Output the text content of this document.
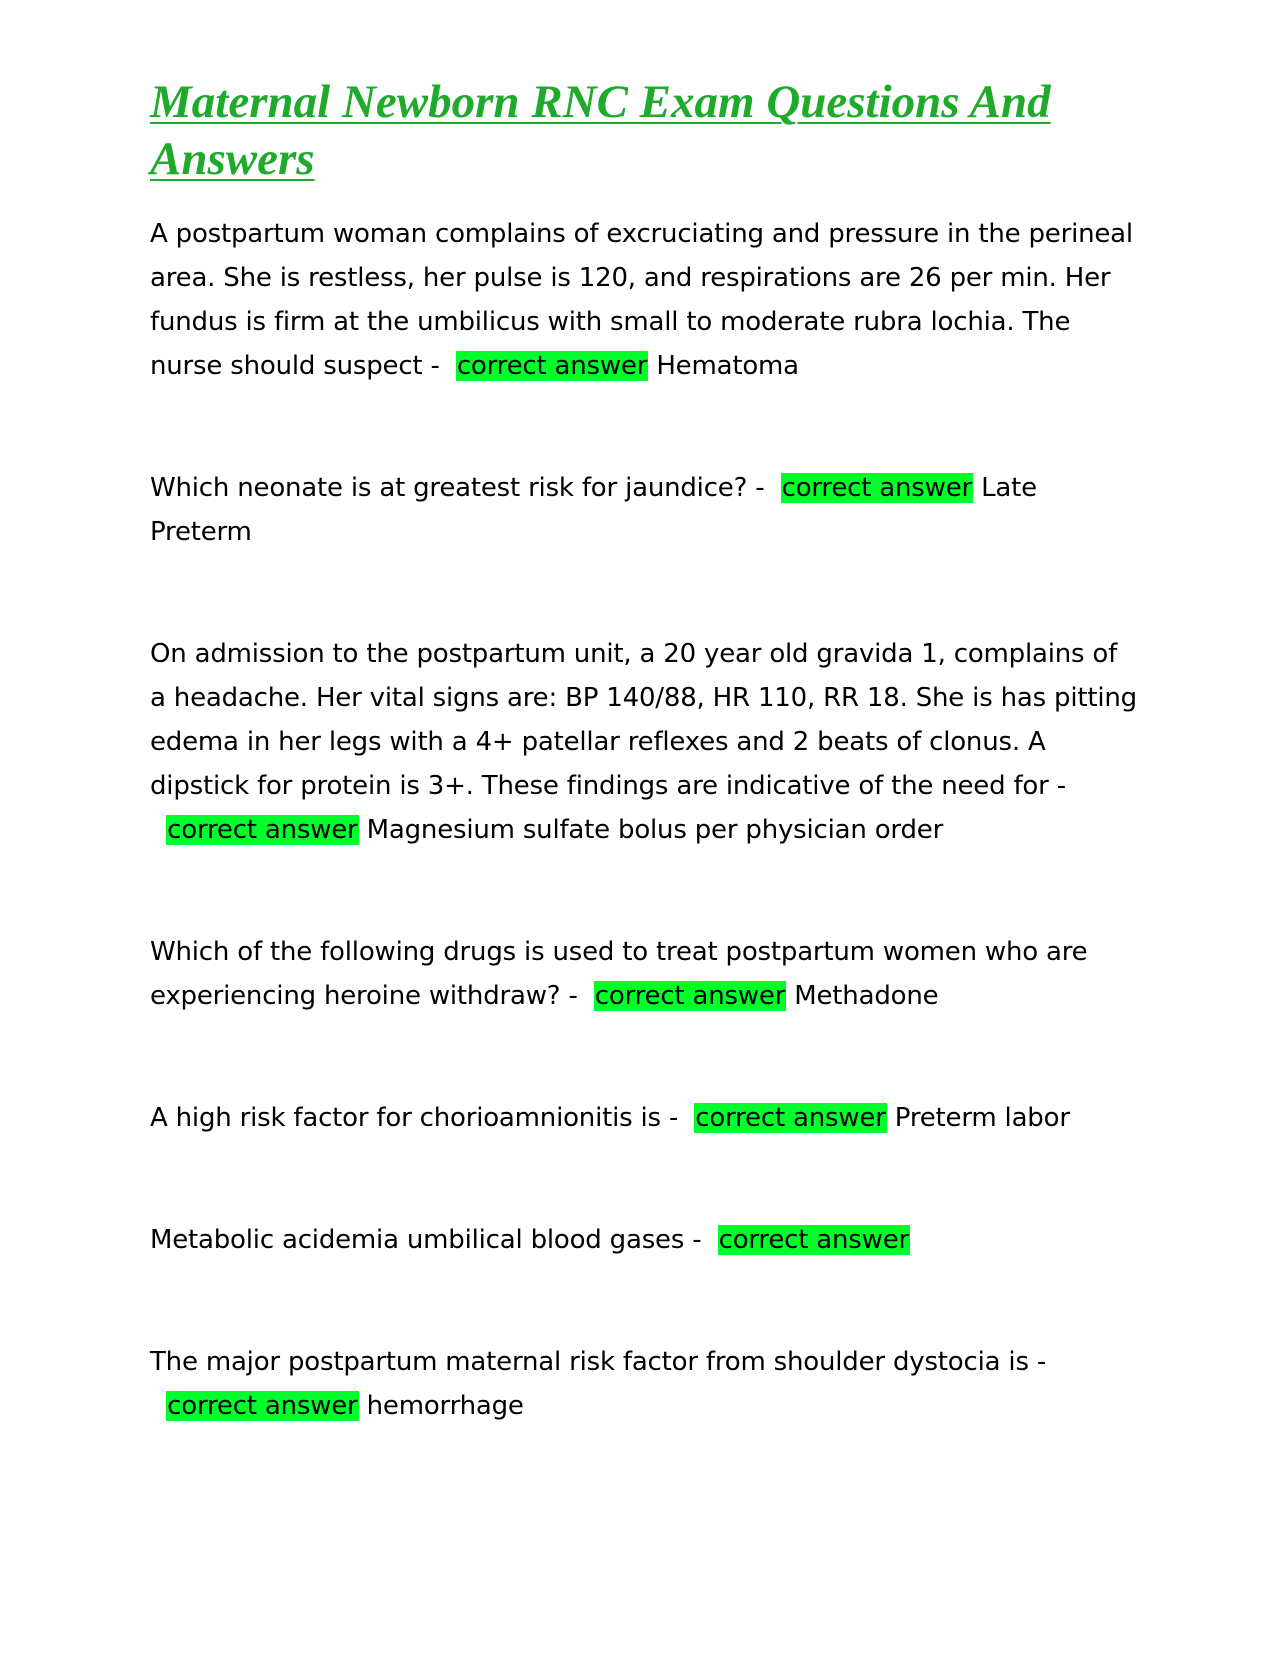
Maternal Newborn RNC Exam Questions And Answers

A postpartum woman complains of excruciating and pressure in the perineal area. She is restless, her pulse is 120, and respirations are 26 per min. Her fundus is firm at the umbilicus with small to moderate rubra lochia. The nurse should suspect - correct answer Hematoma

Which neonate is at greatest risk for jaundice? - correct answer Late Preterm

On admission to the postpartum unit, a 20 year old gravida 1, complains of a headache. Her vital signs are: BP 140/88, HR 110, RR 18. She is has pitting edema in her legs with a 4+ patellar reflexes and 2 beats of clonus. A dipstick for protein is 3+. These findings are indicative of the need for -  correct answer Magnesium sulfate bolus per physician order

Which of the following drugs is used to treat postpartum women who are experiencing heroine withdraw? - correct answer Methadone

A high risk factor for chorioamnionitis is - correct answer Preterm labor

Metabolic acidemia umbilical blood gases - correct answer

The major postpartum maternal risk factor from shoulder dystocia is -  correct answer hemorrhage
